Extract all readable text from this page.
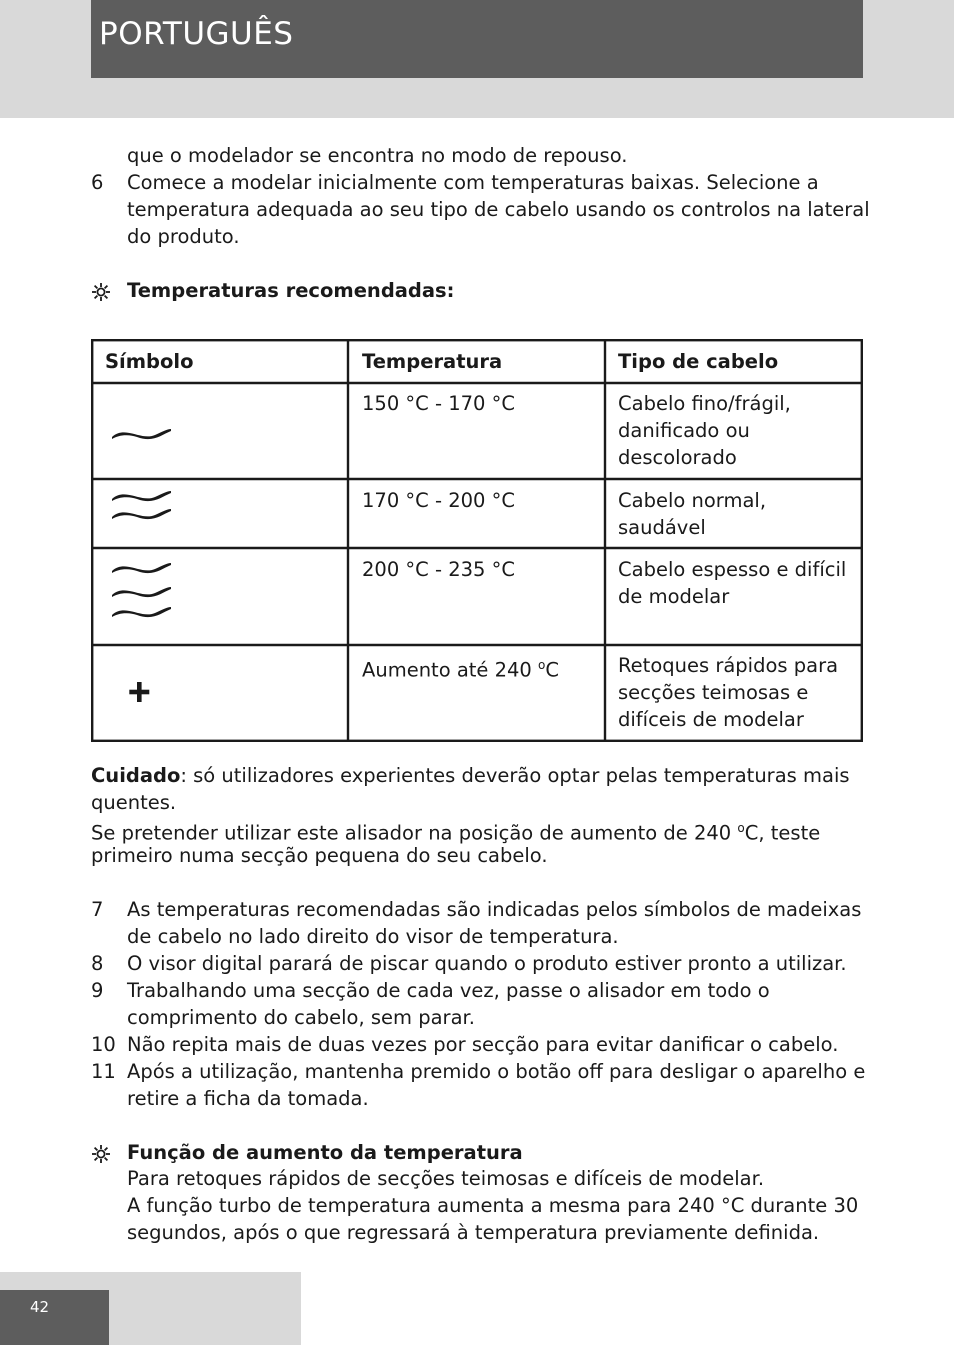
PORTUGUÊS
que o modelador se encontra no modo de repouso.
6 Comece a modelar inicialmente com temperaturas baixas. Selecione a
temperatura adequada ao seu tipo de cabelo usando os controlos na lateral
do produto.
Temperaturas recomendadas:
Símbolo	Temperatura	Tipo de cabelo
150 °C - 170 °C	Cabelo fino/frágil,
danificado ou
descolorado
170 °C - 200 °C	Cabelo normal,
saudável
200 °C - 235 °C	Cabelo espesso e difícil
de modelar
Aumento até 240 $^o$C	Retoques rápidos para
secções teimosas e
difíceis de modelar
Cuidado: só utilizadores experientes deverão optar pelas temperaturas mais
quentes.
Se pretender utilizar este alisador na posição de aumento de 240 $^o$C, teste
primeiro numa secção pequena do seu cabelo.
7 As temperaturas recomendadas são indicadas pelos símbolos de madeixas
de cabelo no lado direito do visor de temperatura.
8 O visor digital parará de piscar quando o produto estiver pronto a utilizar.
9 Trabalhando uma secção de cada vez, passe o alisador em todo o
comprimento do cabelo, sem parar.
10 Não repita mais de duas vezes por secção para evitar danificar o cabelo.
11 Após a utilização, mantenha premido o botão off para desligar o aparelho e
retire a ficha da tomada.
Função de aumento da temperatura
Para retoques rápidos de secções teimosas e difíceis de modelar.
A função turbo de temperatura aumenta a mesma para 240 °C durante 30
segundos, após o que regressará à temperatura previamente definida.
42
